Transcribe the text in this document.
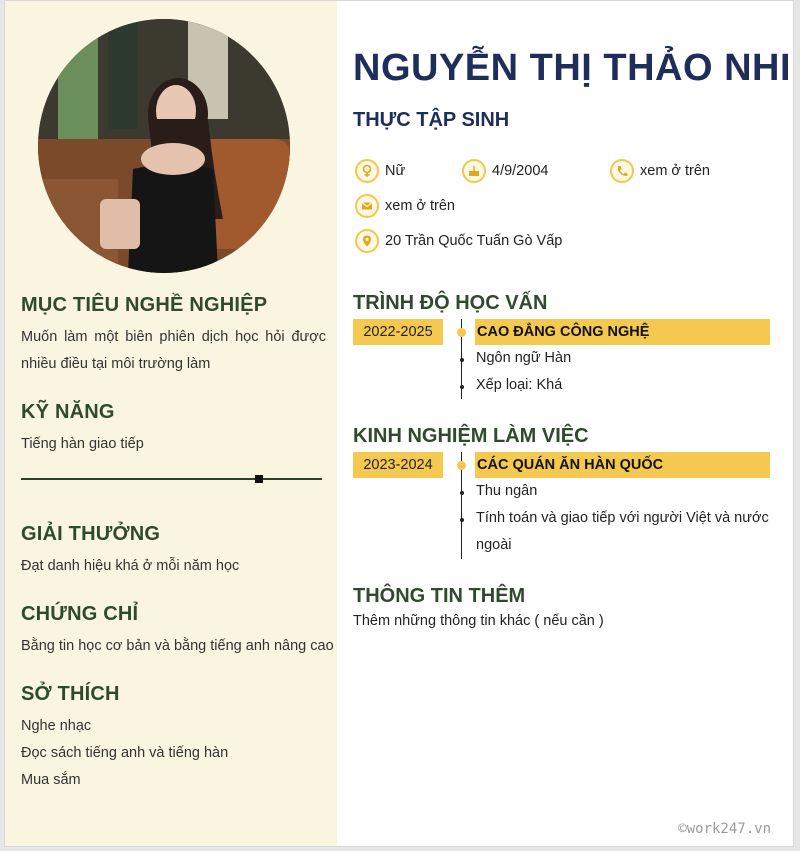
MỤC TIÊU NGHỀ NGHIỆP

Muốn làm một biên phiên dịch học hỏi được nhiều điều tại môi trường làm

KỸ NĂNG

Tiếng hàn giao tiếp

GIẢI THƯỞNG

Đạt danh hiệu khá ở mỗi năm học

CHỨNG CHỈ

Bằng tin học cơ bản và bằng tiếng anh nâng cao

SỞ THÍCH

Nghe nhạc

Đọc sách tiếng anh và tiếng hàn

Mua sắm

NGUYỄN THỊ THẢO NHI
THỰC TẬP SINH
Nữ	4/9/2004	xem ở trên
xem ở trên
20 Trần Quốc Tuấn Gò Vấp
TRÌNH ĐỘ HỌC VẤN
2022-2025	CAO ĐẲNG CÔNG NGHỆ
Ngôn ngữ Hàn
Xếp loại: Khá
KINH NGHIỆM LÀM VIỆC
2023-2024	CÁC QUÁN ĂN HÀN QUỐC
Thu ngân
Tính toán và giao tiếp với người Việt và nước ngoài
THÔNG TIN THÊM
Thêm những thông tin khác ( nếu cần )
©work247.vn
